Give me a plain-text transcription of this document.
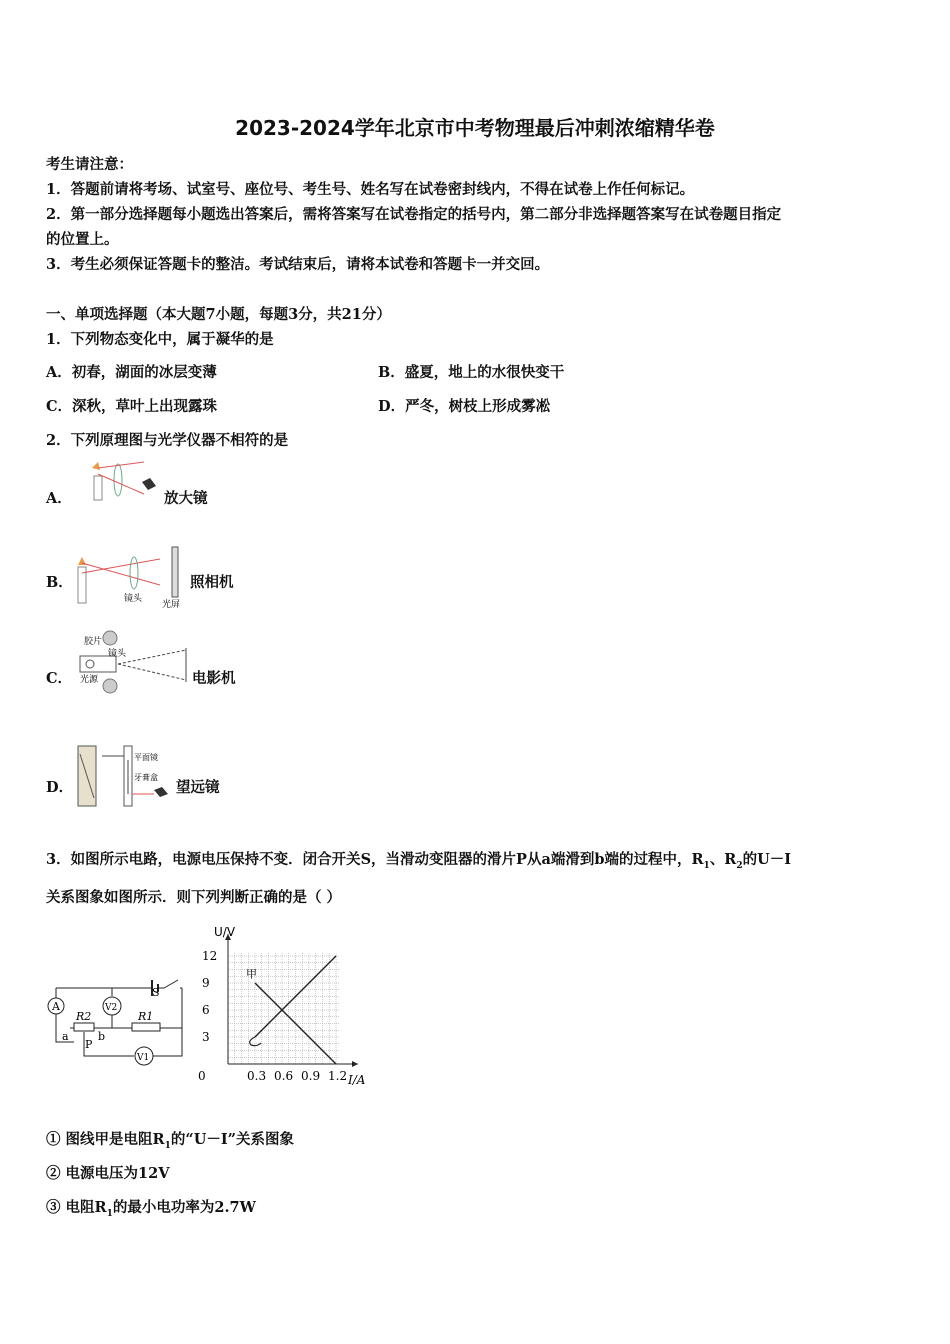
2023-2024学年北京市中考物理最后冲刺浓缩精华卷
考生请注意：
1．答题前请将考场、试室号、座位号、考生号、姓名写在试卷密封线内，不得在试卷上作任何标记。
2．第一部分选择题每小题选出答案后，需将答案写在试卷指定的括号内，第二部分非选择题答案写在试卷题目指定
的位置上。
3．考生必须保证答题卡的整洁。考试结束后，请将本试卷和答题卡一并交回。
一、单项选择题（本大题7小题，每题3分，共21分）
1．下列物态变化中，属于凝华的是
A．初春，湖面的冰层变薄	B．盛夏，地上的水很快变干
C．深秋，草叶上出现露珠	D．严冬，树枝上形成雾凇
2．下列原理图与光学仪器不相符的是
A．	放大镜
B．
镜头
光屏
照相机
C．
胶片
镜头
光源	电影机
D．
平面镜
牙膏盒
望远镜
3．如图所示电路，电源电压保持不变．闭合开关S，当滑动变阻器的滑片P从a端滑到b端的过程中，$R_1$、$R_2$的U－I
关系图象如图所示．则下列判断正确的是（ ）
A	V2
V1
S
R2	R1
a
P
b
0	0.3 0.6 0.9 1.2
3
6
9
12
I/A
U/V
甲
① 图线甲是电阻$R_1$的“U－I”关系图象
② 电源电压为12V
③ 电阻$R_1$的最小电功率为2.7W
